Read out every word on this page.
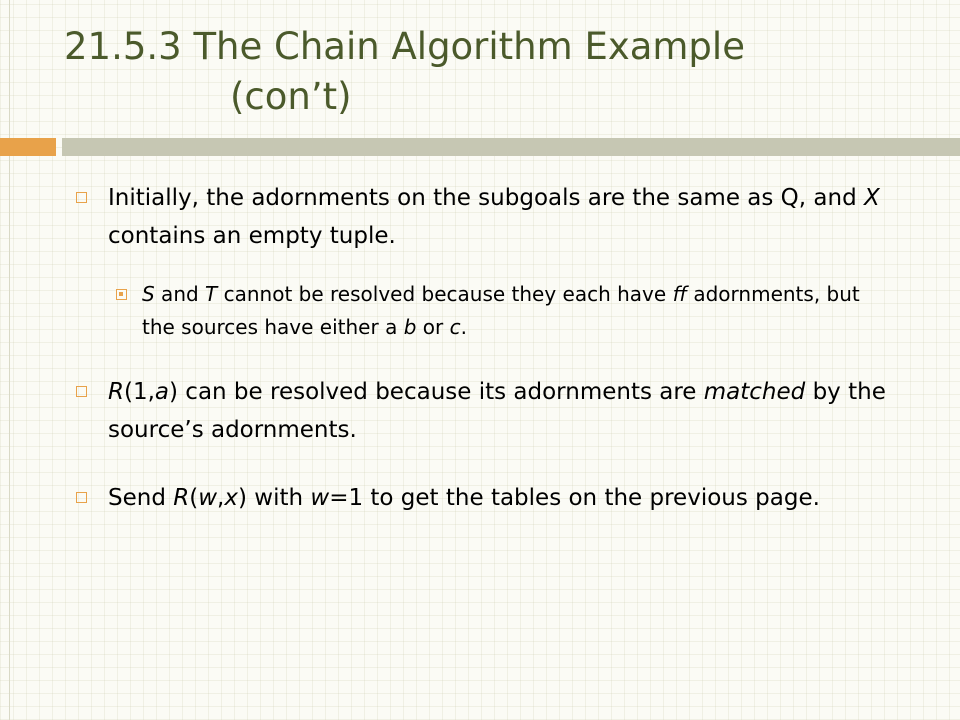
21.5.3 The Chain Algorithm Example
(con’t)
Initially, the adornments on the subgoals are the same as Q, and X contains an empty tuple.
S and T cannot be resolved because they each have ff adornments, but the sources have either a b or c.
R(1,a) can be resolved because its adornments are matched by the source’s adornments.
Send R(w,x) with w=1 to get the tables on the previous page.
